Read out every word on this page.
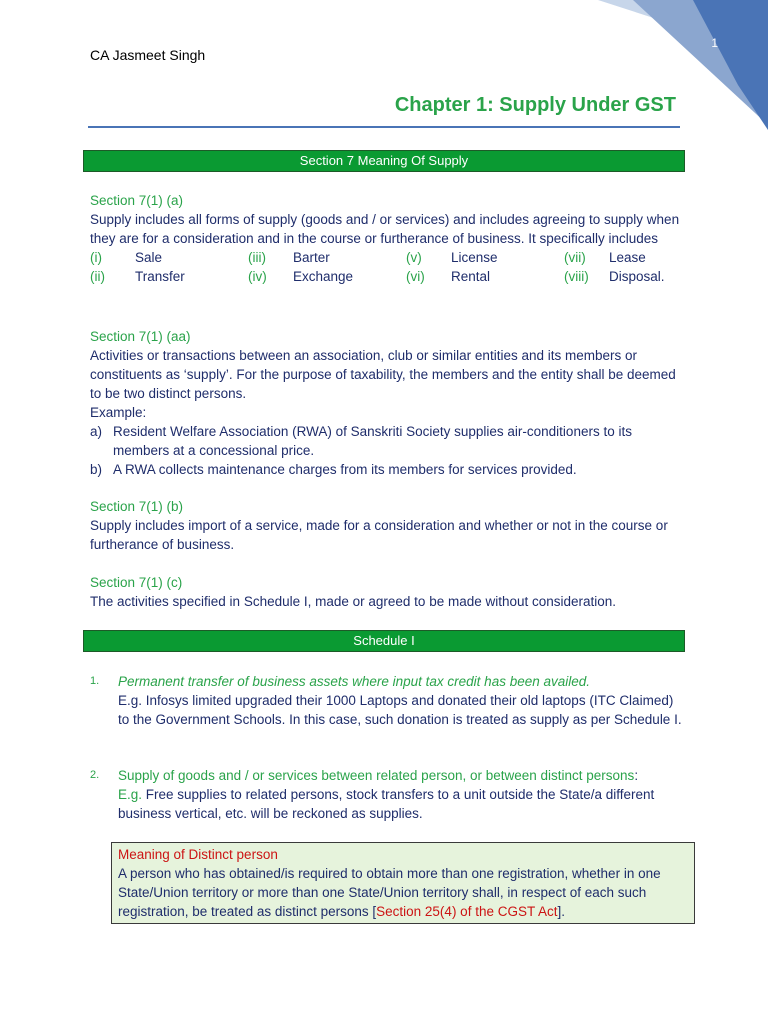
1
CA Jasmeet Singh
Chapter 1: Supply Under GST
Section 7 Meaning Of Supply
Section 7(1) (a)
Supply includes all forms of supply (goods and / or services) and includes agreeing to supply when they are for a consideration and in the course or furtherance of business. It specifically includes
(i)	Sale	(iii)	Barter	(v)	License	(vii)	Lease
(ii)	Transfer	(iv)	Exchange	(vi)	Rental	(viii)	Disposal.
Section 7(1) (aa)
Activities or transactions between an association, club or similar entities and its members or constituents as ‘supply’. For the purpose of taxability, the members and the entity shall be deemed to be two distinct persons.
Example:
a) Resident Welfare Association (RWA) of Sanskriti Society supplies air-conditioners to its members at a concessional price.
b) A RWA collects maintenance charges from its members for services provided.
Section 7(1) (b)
Supply includes import of a service, made for a consideration and whether or not in the course or furtherance of business.
Section 7(1) (c)
The activities specified in Schedule I, made or agreed to be made without consideration.
Schedule I
1.	Permanent transfer of business assets where input tax credit has been availed.
E.g. Infosys limited upgraded their 1000 Laptops and donated their old laptops (ITC Claimed) to the Government Schools. In this case, such donation is treated as supply as per Schedule I.
2.	Supply of goods and / or services between related person, or between distinct persons:
E.g. Free supplies to related persons, stock transfers to a unit outside the State/a different business vertical, etc. will be reckoned as supplies.
Meaning of Distinct person
A person who has obtained/is required to obtain more than one registration, whether in one State/Union territory or more than one State/Union territory shall, in respect of each such registration, be treated as distinct persons [Section 25(4) of the CGST Act].
